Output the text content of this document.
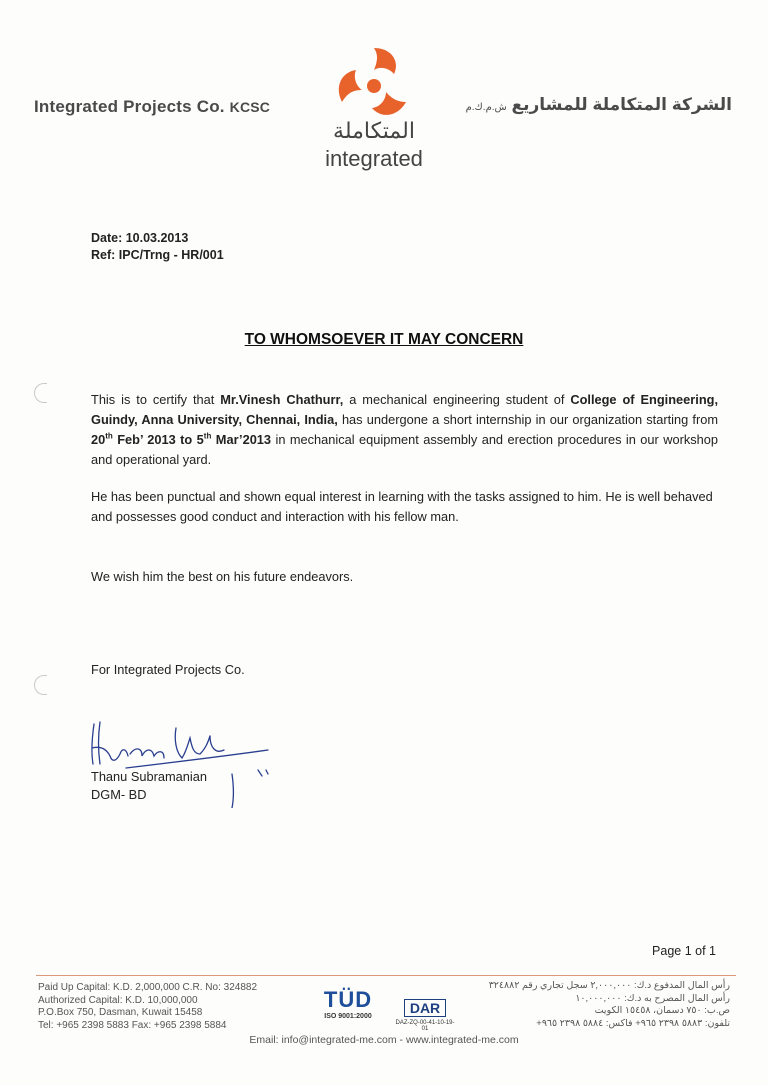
Integrated Projects Co. KCSC
المتكاملة
integrated
الشركة المتكاملة للمشاريع ش.م.ك.م
Date: 10.03.2013
Ref: IPC/Trng - HR/001
TO WHOMSOEVER IT MAY CONCERN
This is to certify that Mr.Vinesh Chathurr, a mechanical engineering student of College of Engineering, Guindy, Anna University, Chennai, India, has undergone a short internship in our organization starting from 20th Feb’ 2013 to 5th Mar’2013 in mechanical equipment assembly and erection procedures in our workshop and operational yard.
He has been punctual and shown equal interest in learning with the tasks assigned to him. He is well behaved and possesses good conduct and interaction with his fellow man.
We wish him the best on his future endeavors.
For Integrated Projects Co.
Thanu Subramanian
DGM- BD
Page 1 of 1
Paid Up Capital: K.D. 2,000,000 C.R. No: 324882
Authorized Capital: K.D. 10,000,000
P.O.Box 750, Dasman, Kuwait 15458
Tel: +965 2398 5883 Fax: +965 2398 5884
TÜD
ISO 9001:2000
DAR
DAZ-ZQ-00-41-10-19-01
رأس المال المدفوع د.ك: ٢,٠٠٠,٠٠٠ سجل تجاري رقم ٣٢٤٨٨٢
رأس المال المصرح به د.ك: ١٠,٠٠٠,٠٠٠
ص.ب: ٧٥٠ دسمان، ١٥٤٥٨ الكويت
تلفون: ٥٨٨٣ ٢٣٩٨ ٩٦٥+ فاكس: ٥٨٨٤ ٢٣٩٨ ٩٦٥+
Email: info@integrated-me.com - www.integrated-me.com
